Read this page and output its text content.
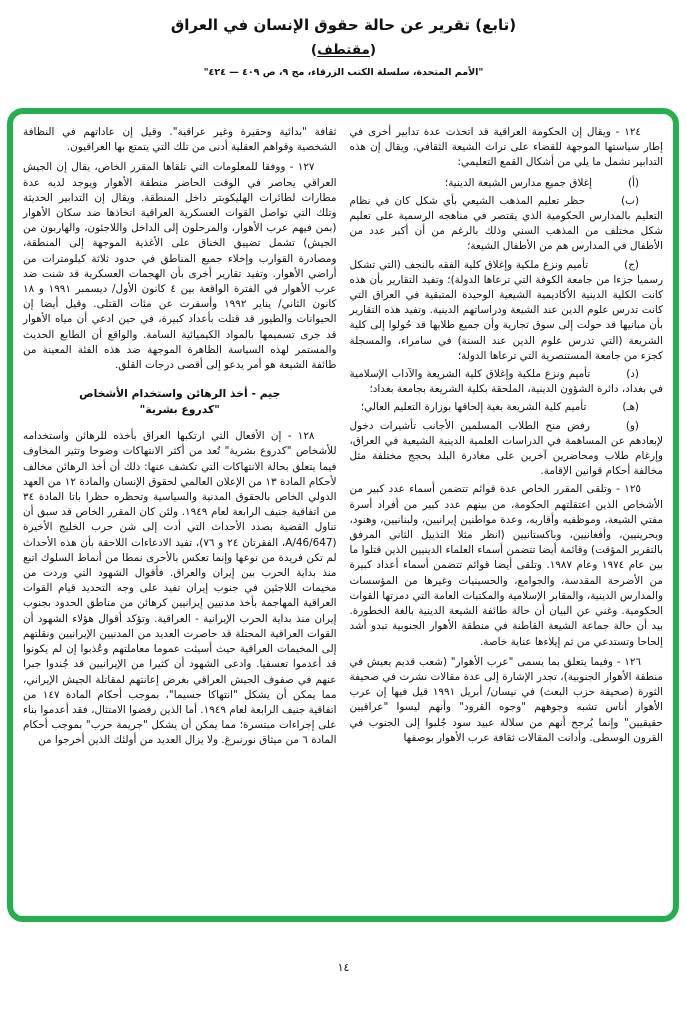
(تابع) تقرير عن حالة حقوق الإنسان في العراق
(مقتطف)
"الأمم المتحدة، سلسلة الكتب الزرقاء، مج ٩، ص ٤٠٩ — ٤٢٤"
١٢٤ - ويقال إن الحكومة العراقية قد اتخذت عدة تدابير أخرى في إطار سياستها الموجهة للقضاء على تراث الشيعة الثقافي. ويقال إن هذه التدابير تشمل ما يلي من أشكال القمع التعليمي:
(أ)إغلاق جميع مدارس الشيعة الدينية؛
(ب)حظر تعليم المذهب الشيعي بأي شكل كان في نظام التعليم بالمدارس الحكومية الذي يقتصر في مناهجه الرسمية على تعليم شكل مختلف من المذهب السني وذلك بالرغم من أن أكبر عدد من الأطفال في المدارس هم من الأطفال الشيعة؛
(ج)تأميم ونزع ملكية وإغلاق كلية الفقه بالنجف (التي تشكل رسميا جزءا من جامعة الكوفة التي ترعاها الدولة)؛ وتفيد التقارير بأن هذه كانت الكلية الدينية الأكاديمية الشيعية الوحيدة المتبقية في العراق التي كانت تدرس علوم الدين عند الشيعة ودراساتهم الدينية. وتفيد هذه التقارير بأن مبانيها قد حولت إلى سوق تجارية وأن جميع طلابها قد حُولوا إلى كلية الشريعة (التي تدرس علوم الدين عند السنة) في سامراء، والمسجلة كجزء من جامعة المستنصرية التي ترعاها الدولة؛
(د)تأميم ونزع ملكية وإغلاق كلية الشريعة والآداب الإسلامية في بغداد، دائرة الشؤون الدينية، الملحقة بكلية الشريعة بجامعة بغداد؛
(هـ)تأميم كلية الشريعة بغية إلحاقها بوزارة التعليم العالي؛
(و)رفض منح الطلاب المسلمين الأجانب تأشيرات دخول لإبعادهم عن المساهمة في الدراسات العلمية الدينية الشيعية في العراق، وإرغام طلاب ومحاضرين آخرين على مغادرة البلد بحجج مختلفة مثل مخالفة أحكام قوانين الإقامة.
١٢٥ - وتلقى المقرر الخاص عدة قوائم تتضمن أسماء عدد كبير من الأشخاص الذين اعتقلتهم الحكومة، من بينهم عدد كبير من أفراد أسرة مفتي الشيعة، وموظفيه وأقاربه، وعدة مواطنين إيرانيين، ولبنانيين، وهنود، وبحرينيين، وأفغانيين، وباكستانيين (انظر مثلا التذييل الثاني المرفق بالتقرير المؤقت) وقائمة أيضا تتضمن أسماء العلماء الدينيين الذين قتلوا ما بين عام ١٩٧٤ وعام ١٩٨٧. وتلقى أيضا قوائم تتضمن أسماء أعداد كبيرة من الأضرحة المقدسة، والجوامع، والحسينيات وغيرها من المؤسسات والمدارس الدينية، والمقابر الإسلامية والمكتبات العامة التي دمرتها القوات الحكومية. وغني عن البيان أن حالة طائفة الشيعة الدينية بالغة الخطورة. بيد أن حالة جماعة الشيعة القاطنة في منطقة الأهوار الجنوبية تبدو أشد إلحاحا وتستدعي من ثم إيلاءها عناية خاصة.
١٢٦ - وفيما يتعلق بما يسمى "عرب الأهوار" (شعب قديم يعيش في منطقة الأهوار الجنوبية)، تجدر الإشارة إلى عدة مقالات نشرت في صحيفة الثورة (صحيفة حزب البعث) في نيسان/ أبريل ١٩٩١ قيل فيها إن عرب الأهوار أناس تشبه وجوههم "وجوه القرود" وأنهم ليسوا "عراقيين حقيقيين" وإنما يُرجح أنهم من سلالة عبيد سود جُلبوا إلى الجنوب في القرون الوسطى. وأدانت المقالات ثقافة عرب الأهوار بوصفها
ثقافة "بدائية وحقيرة وغير عراقية". وقيل إن عاداتهم في النظافة الشخصية وقواهم العقلية أدنى من تلك التي يتمتع بها العراقيون.
١٢٧ - ووفقا للمعلومات التي تلقاها المقرر الخاص، يقال إن الجيش العراقي يحاصر في الوقت الحاضر منطقة الأهوار ويوجد لديه عدة مطارات لطائرات الهليكوبتر داخل المنطقة. ويقال إن التدابير الحديثة وتلك التي تواصل القوات العسكرية العراقية اتخاذها ضد سكان الأهوار (بمن فيهم عرب الأهوار، والمرحلون إلى الداخل واللاجئون، والهاربون من الجيش) تشمل تضييق الخناق على الأغذية الموجهة إلى المنطقة، ومصادرة القوارب وإخلاء جميع المناطق في حدود ثلاثة كيلومترات من أراضي الأهوار. وتفيد تقارير أخرى بأن الهجمات العسكرية قد شنت ضد عرب الأهوار في الفترة الواقعة بين ٤ كانون الأول/ ديسمبر ١٩٩١ و ١٨ كانون الثاني/ يناير ١٩٩٢ وأسفرت عن مئات القتلى. وقيل أيضا إن الحيوانات والطيور قد قتلت بأعداد كبيرة، في حين ادعي أن مياه الأهوار قد جرى تسميمها بالمواد الكيميائية السامة. والواقع أن الطابع الحديث والمستمر لهذه السياسة الظاهرة الموجهة ضد هذه الفئة المعينة من طائفة الشيعة هو أمر يدعو إلى أقصى درجات القلق.
جيم - أخذ الرهائن واستخدام الأشخاص
"كدروع بشرية"
١٢٨ - إن الأفعال التي ارتكبها العراق بأخذه للرهائن واستخدامه للأشخاص "كدروع بشرية" تُعد من أكثر الانتهاكات وضوحا وتثير المخاوف فيما يتعلق بحالة الانتهاكات التي تكشف عنها: ذلك أن أخذ الرهائن مخالف لأحكام المادة ١٣ من الإعلان العالمي لحقوق الإنسان والمادة ١٢ من العهد الدولي الخاص بالحقوق المدنية والسياسية وتحظره حظرا باتا المادة ٣٤ من اتفاقية جنيف الرابعة لعام ١٩٤٩. ولئن كان المقرر الخاص قد سبق أن تناول القضية بصدد الأحداث التي أدت إلى شن حرب الخليج الأخيرة (A/46/647، الفقرتان ٢٤ و ٧٦)، تفيد الادعاءات اللاحقة بأن هذه الأحداث لم تكن فريدة من نوعها وإنما تعكس بالأحرى نمطا من أنماط السلوك اتبع منذ بداية الحرب بين إيران والعراق. فأقوال الشهود التي وردت من مخيمات اللاجئين في جنوب إيران تفيد على وجه التحديد قيام القوات العراقية المهاجمة بأخذ مدنيين إيرانيين كرهائن من مناطق الحدود بجنوب إيران منذ بداية الحرب الإيرانية - العراقية. وتؤكد أقوال هؤلاء الشهود أن القوات العراقية المحتلة قد حاصرت العديد من المدنيين الإيرانيين ونقلتهم إلى المخيمات العراقية حيث أسيئت عموما معاملتهم وعُذبوا إن لم يكونوا قد أعدموا تعسفيا. وادعى الشهود أن كثيرا من الإيرانيين قد جُندوا جبرا عنهم في صفوف الجيش العراقي بغرض إعانتهم لمقاتلة الجيش الإيراني، مما يمكن أن يشكل "انتهاكا جسيما"، بموجب أحكام المادة ١٤٧ من اتفاقية جنيف الرابعة لعام ١٩٤٩. أما الذين رفضوا الامتثال، فقد أعدموا بناء على إجراءات مبتسرة؛ مما يمكن أن يشكل "جريمة حرب" بموجب أحكام المادة ٦ من ميثاق نورنبرغ. ولا يزال العديد من أولئك الذين أخرجوا من
١٤
